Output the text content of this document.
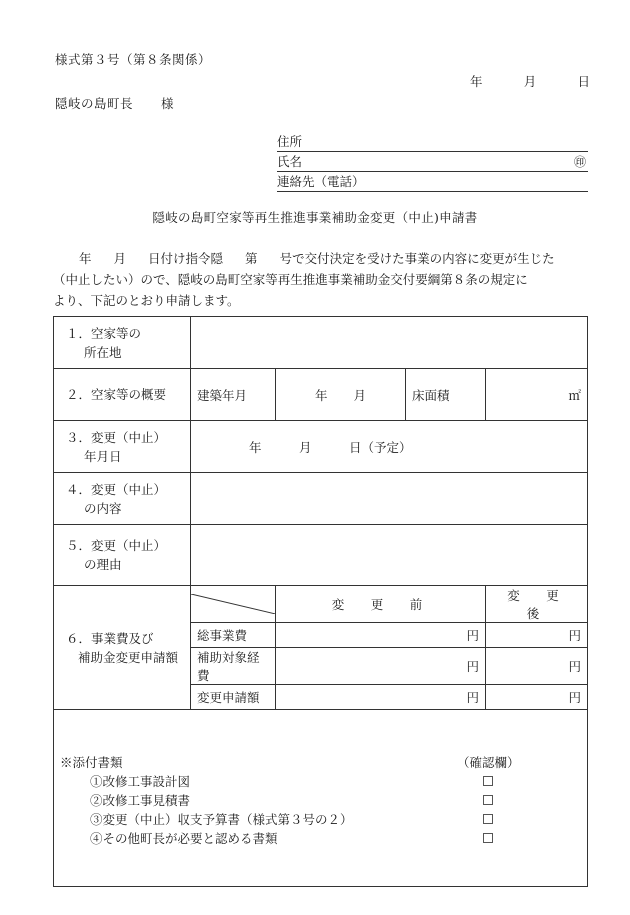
様式第３号（第８条関係）
年	月	日
隠岐の島町長 様
住所
氏名	㊞
連絡先（電話）
隠岐の島町空家等再生推進事業補助金変更（中止)申請書
年 月 日付け指令隠 第 号で交付決定を受けた事業の内容に変更が生じた
（中止したい）ので、隠岐の島町空家等再生推進事業補助金交付要綱第８条の規定に
より、下記のとおり申請します。
１．空家等の
所在地				

２．空家等の概要	建築年月	年 月	床面積	㎡
３．変更（中止）
年月日	年　　　月　　　日（予定）			
４．変更（中止）
の内容				

５．変更（中止）
の理由				

６．事業費及び
補助金変更申請額		変　更　前		変　更　後
	総事業費	円		円
	補助対象経費	円		円
	変更申請額	円		円

※添付書類	（確認欄）
①改修工事設計図
②改修工事見積書
③変更（中止）収支予算書（様式第３号の２）
④その他町長が必要と認める書類
